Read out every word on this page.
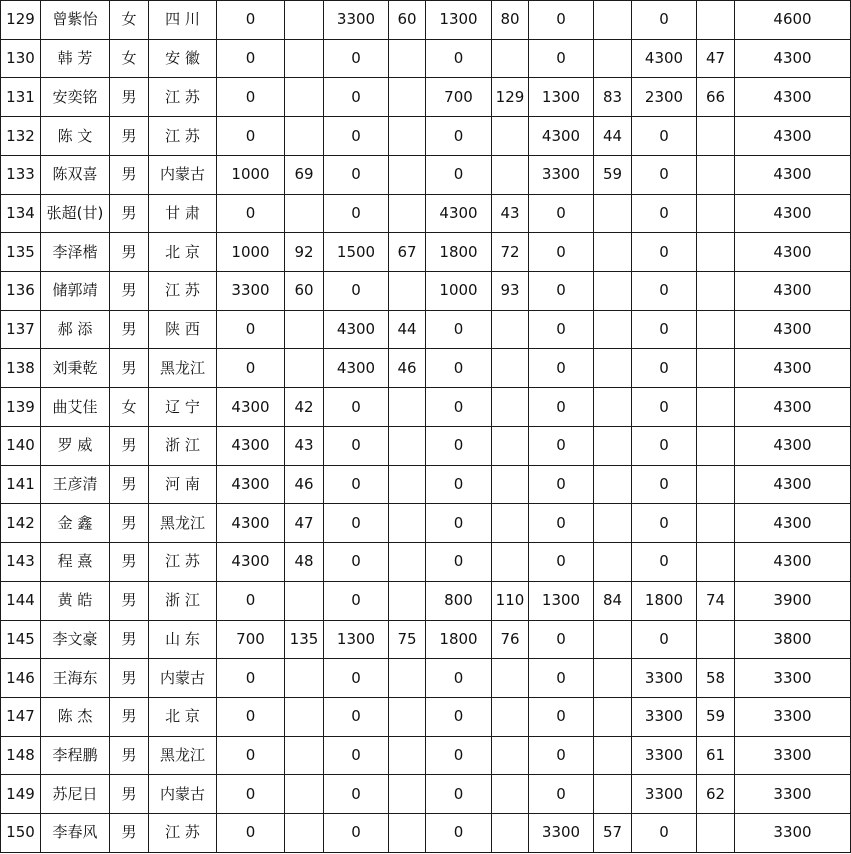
129	曾紫怡	女	四 川	0		3300	60	1300	80	0		0		4600
130	韩 芳	女	安 徽	0		0		0		0		4300	47	4300
131	安奕铭	男	江 苏	0		0		700	129	1300	83	2300	66	4300
132	陈 文	男	江 苏	0		0		0		4300	44	0		4300
133	陈双喜	男	内蒙古	1000	69	0		0		3300	59	0		4300
134	张超(甘)	男	甘 肃	0		0		4300	43	0		0		4300
135	李泽楷	男	北 京	1000	92	1500	67	1800	72	0		0		4300
136	储郭靖	男	江 苏	3300	60	0		1000	93	0		0		4300
137	郝 添	男	陕 西	0		4300	44	0		0		0		4300
138	刘秉乾	男	黑龙江	0		4300	46	0		0		0		4300
139	曲艾佳	女	辽 宁	4300	42	0		0		0		0		4300
140	罗 威	男	浙 江	4300	43	0		0		0		0		4300
141	王彦清	男	河 南	4300	46	0		0		0		0		4300
142	金 鑫	男	黑龙江	4300	47	0		0		0		0		4300
143	程 熹	男	江 苏	4300	48	0		0		0		0		4300
144	黄 皓	男	浙 江	0		0		800	110	1300	84	1800	74	3900
145	李文豪	男	山 东	700	135	1300	75	1800	76	0		0		3800
146	王海东	男	内蒙古	0		0		0		0		3300	58	3300
147	陈 杰	男	北 京	0		0		0		0		3300	59	3300
148	李程鹏	男	黑龙江	0		0		0		0		3300	61	3300
149	苏尼日	男	内蒙古	0		0		0		0		3300	62	3300
150	李春风	男	江 苏	0		0		0		3300	57	0		3300
